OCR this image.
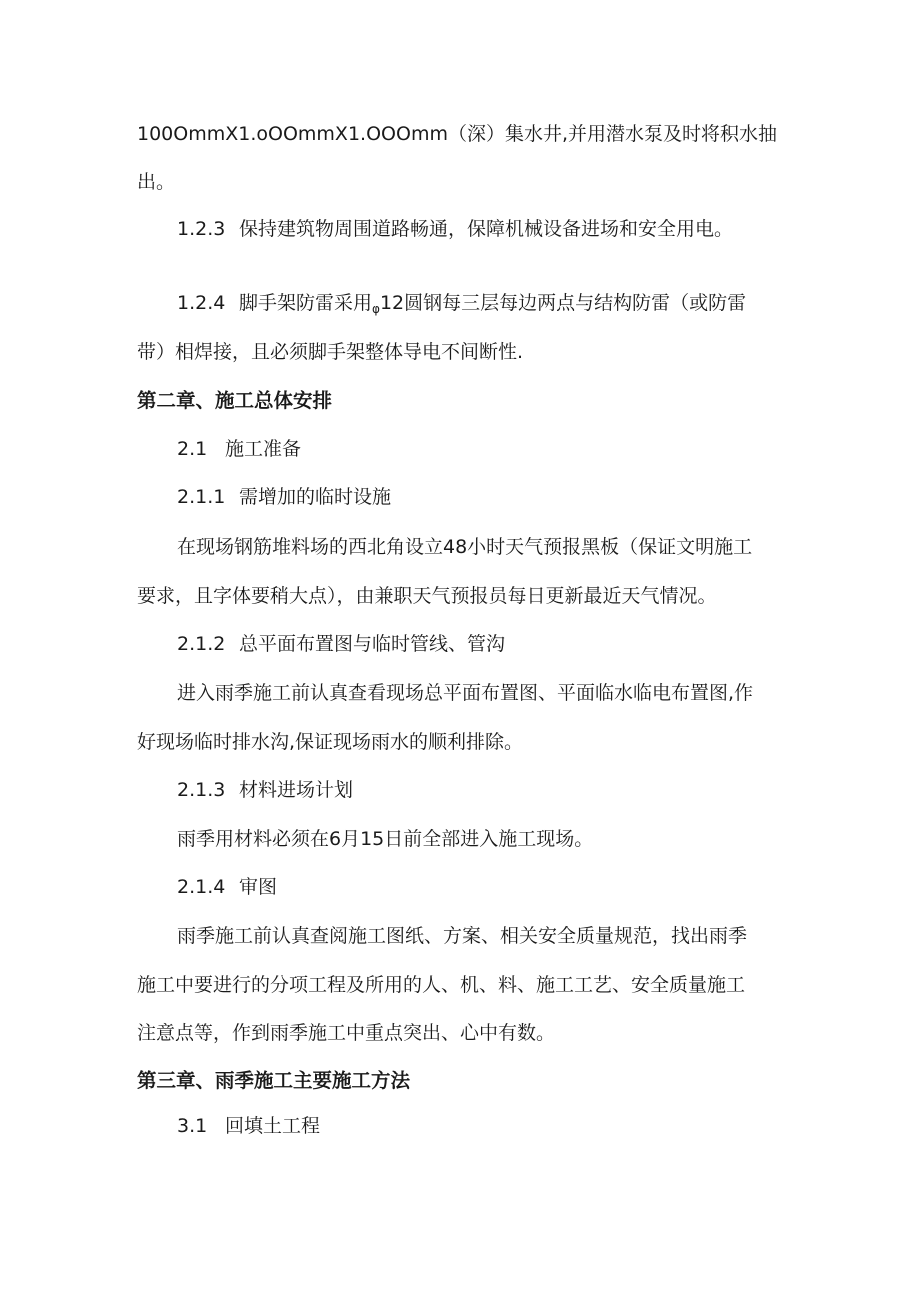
100OmmX1.oOOmmX1.OOOmm（深）集水井,并用潜水泵及时将积水抽

出。

1.2.3 保持建筑物周围道路畅通，保障机械设备进场和安全用电。

1.2.4 脚手架防雷采用$_\varphi$12圆钢每三层每边两点与结构防雷（或防雷

带）相焊接，且必须脚手架整体导电不间断性.

第二章、施工总体安排

2.1 施工准备

2.1.1 需增加的临时设施

在现场钢筋堆料场的西北角设立48小时天气预报黑板（保证文明施工

要求，且字体要稍大点），由兼职天气预报员每日更新最近天气情况。

2.1.2 总平面布置图与临时管线、管沟

进入雨季施工前认真查看现场总平面布置图、平面临水临电布置图,作

好现场临时排水沟,保证现场雨水的顺利排除。

2.1.3 材料进场计划

雨季用材料必须在6月15日前全部进入施工现场。

2.1.4 审图

雨季施工前认真查阅施工图纸、方案、相关安全质量规范，找出雨季

施工中要进行的分项工程及所用的人、机、料、施工工艺、安全质量施工

注意点等，作到雨季施工中重点突出、心中有数。

第三章、雨季施工主要施工方法

3.1 回填土工程
